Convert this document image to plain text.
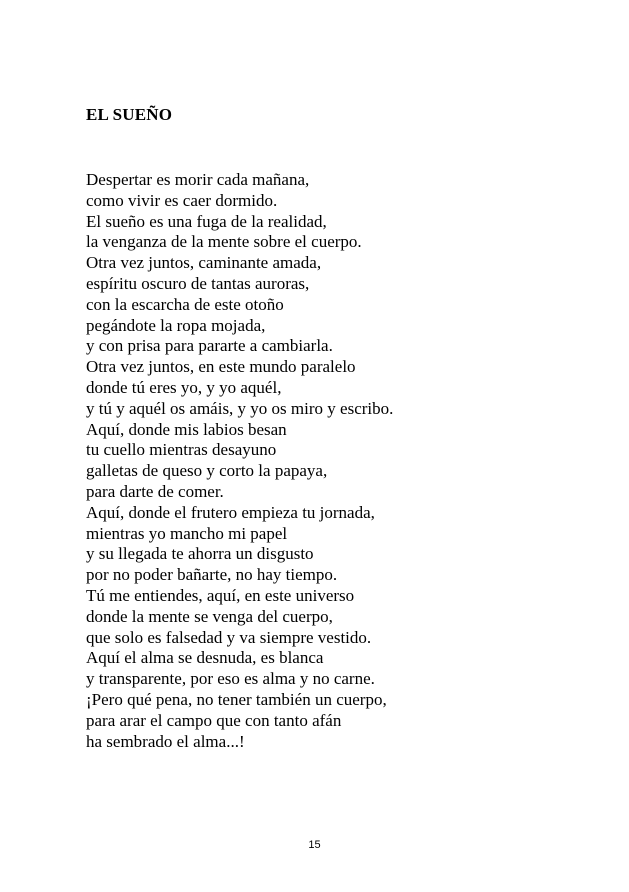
EL SUEÑO
Despertar es morir cada mañana,
como vivir es caer dormido.
El sueño es una fuga de la realidad,
la venganza de la mente sobre el cuerpo.
Otra vez juntos, caminante amada,
espíritu oscuro de tantas auroras,
con la escarcha de este otoño
pegándote la ropa mojada,
y con prisa para pararte a cambiarla.
Otra vez juntos, en este mundo paralelo
donde tú eres yo, y yo aquél,
y tú y aquél os amáis, y yo os miro y escribo.
Aquí, donde mis labios besan
tu cuello mientras desayuno
galletas de queso y corto la papaya,
para darte de comer.
Aquí, donde el frutero empieza tu jornada,
mientras yo mancho mi papel
y su llegada te ahorra un disgusto
por no poder bañarte, no hay tiempo.
Tú me entiendes, aquí, en este universo
donde la mente se venga del cuerpo,
que solo es falsedad y va siempre vestido.
Aquí el alma se desnuda, es blanca
y transparente, por eso es alma y no carne.
¡Pero qué pena, no tener también un cuerpo,
para arar el campo que con tanto afán
ha sembrado el alma...!
15
